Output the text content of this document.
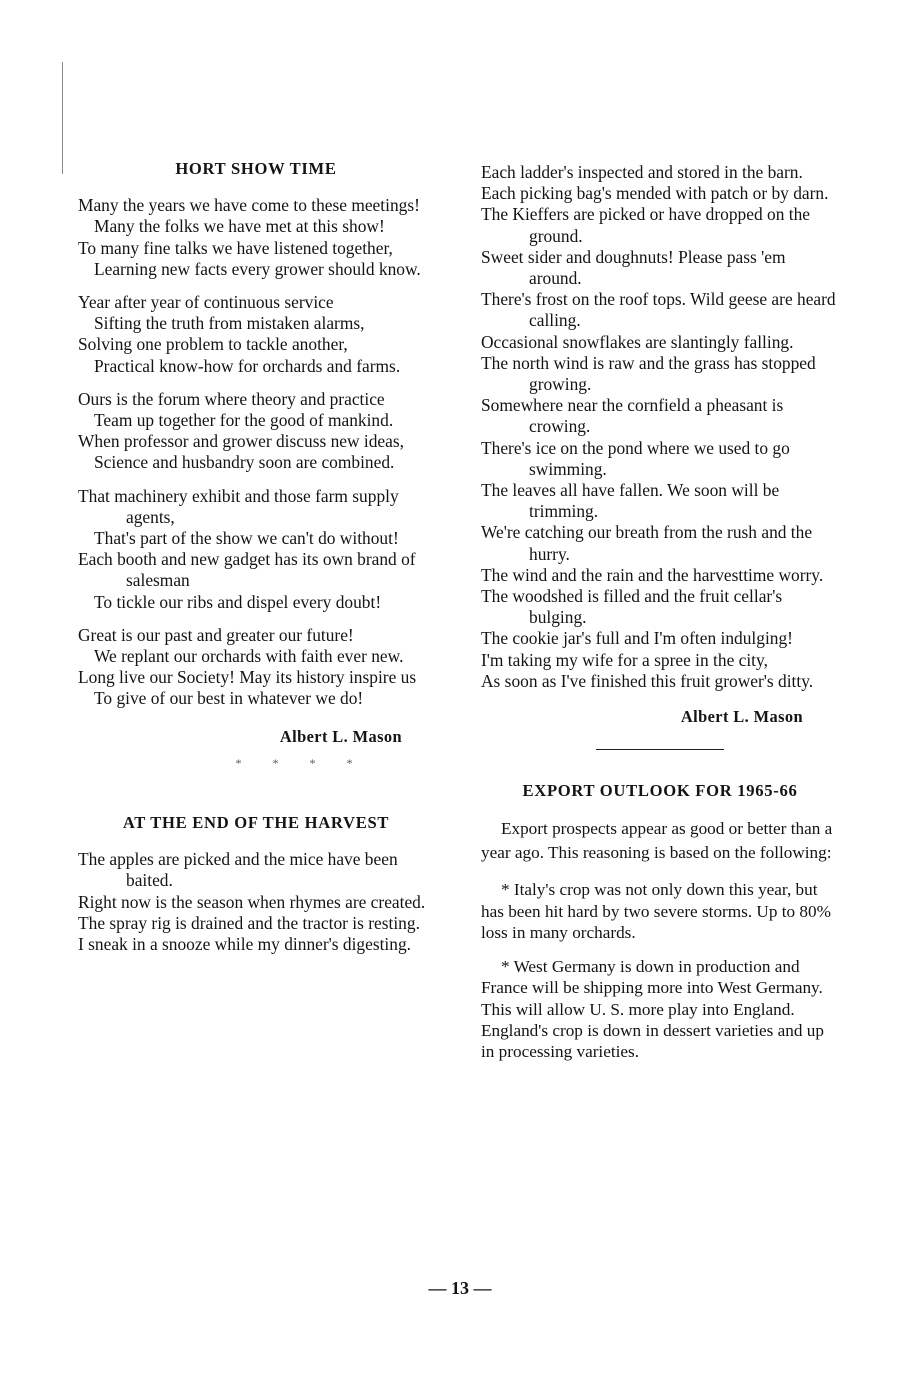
HORT SHOW TIME
Many the years we have come to these meetings!
Many the folks we have met at this show!
To many fine talks we have listened together,
Learning new facts every grower should know.
Year after year of continuous service
Sifting the truth from mistaken alarms,
Solving one problem to tackle another,
Practical know-how for orchards and farms.
Ours is the forum where theory and practice
Team up together for the good of mankind.
When professor and grower discuss new ideas,
Science and husbandry soon are combined.
That machinery exhibit and those farm supply agents,
That's part of the show we can't do without!
Each booth and new gadget has its own brand of salesman
To tickle our ribs and dispel every doubt!
Great is our past and greater our future!
We replant our orchards with faith ever new.
Long live our Society! May its history inspire us
To give of our best in whatever we do!
Albert L. Mason
* * * *
AT THE END OF THE HARVEST
The apples are picked and the mice have been baited.
Right now is the season when rhymes are created.
The spray rig is drained and the tractor is resting.
I sneak in a snooze while my dinner's digesting.
Each ladder's inspected and stored in the barn.
Each picking bag's mended with patch or by darn.
The Kieffers are picked or have dropped on the ground.
Sweet sider and doughnuts! Please pass 'em around.
There's frost on the roof tops. Wild geese are heard calling.
Occasional snowflakes are slantingly falling.
The north wind is raw and the grass has stopped growing.
Somewhere near the cornfield a pheasant is crowing.
There's ice on the pond where we used to go swimming.
The leaves all have fallen. We soon will be trimming.
We're catching our breath from the rush and the hurry.
The wind and the rain and the harvesttime worry.
The woodshed is filled and the fruit cellar's bulging.
The cookie jar's full and I'm often indulging!
I'm taking my wife for a spree in the city,
As soon as I've finished this fruit grower's ditty.
Albert L. Mason
EXPORT OUTLOOK FOR 1965-66
Export prospects appear as good or better than a year ago. This reasoning is based on the following:
* Italy's crop was not only down this year, but has been hit hard by two severe storms. Up to 80% loss in many orchards.
* West Germany is down in production and France will be shipping more into West Germany. This will allow U. S. more play into England. England's crop is down in dessert varieties and up in processing varieties.
— 13 —
